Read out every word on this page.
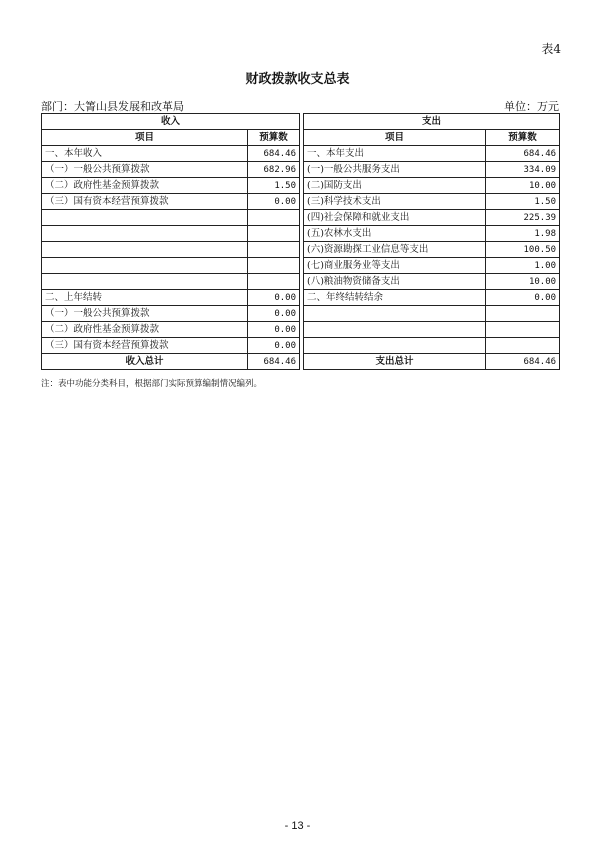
表4
财政拨款收支总表
部门：大箐山县发展和改革局	单位：万元
收入			支出	
项目	预算数		项目	预算数
一、本年收入	684.46		一、本年支出	684.46
（一）一般公共预算拨款	682.96		(一)一般公共服务支出	334.09
（二）政府性基金预算拨款	1.50		(二)国防支出	10.00
（三）国有资本经营预算拨款	0.00		(三)科学技术支出	1.50
			(四)社会保障和就业支出	225.39
			(五)农林水支出	1.98
			(六)资源勘探工业信息等支出	100.50
			(七)商业服务业等支出	1.00
			(八)粮油物资储备支出	10.00
二、上年结转	0.00		二、年终结转结余	0.00
（一）一般公共预算拨款	0.00			
（二）政府性基金预算拨款	0.00			
（三）国有资本经营预算拨款	0.00			
收入总计	684.46		支出总计	684.46
注：表中功能分类科目，根据部门实际预算编制情况编列。
- 13 -
